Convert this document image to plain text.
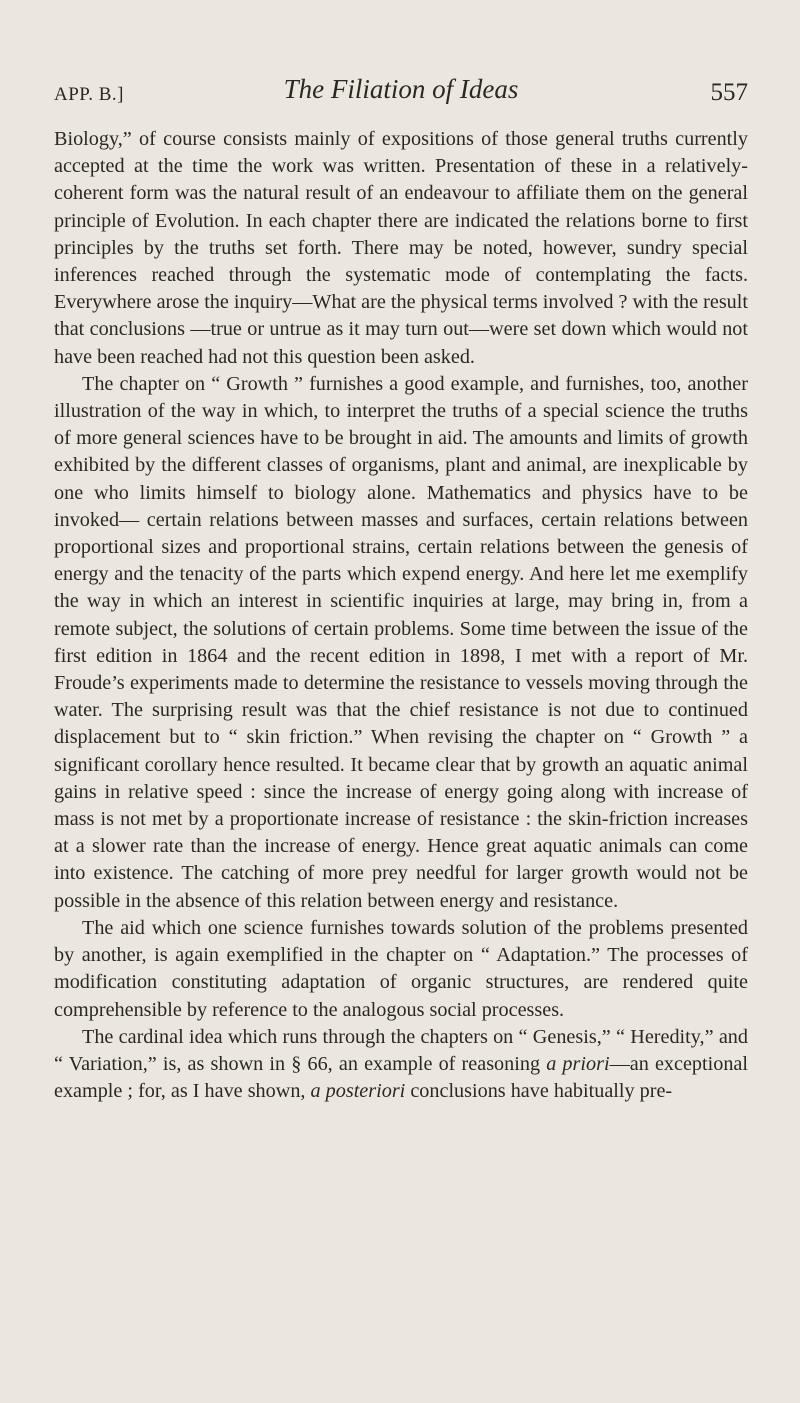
APP. B.]	The Filiation of Ideas	557

Biology,” of course consists mainly of expositions of those general truths currently accepted at the time the work was written. Presentation of these in a relatively-coherent form was the natural result of an endeavour to affiliate them on the general principle of Evolution. In each chapter there are indicated the relations borne to first principles by the truths set forth. There may be noted, however, sundry special inferences reached through the systematic mode of contemplating the facts. Everywhere arose the inquiry—What are the physical terms involved ? with the result that conclusions —true or untrue as it may turn out—were set down which would not have been reached had not this question been asked.

The chapter on “ Growth ” furnishes a good example, and furnishes, too, another illustration of the way in which, to interpret the truths of a special science the truths of more general sciences have to be brought in aid. The amounts and limits of growth exhibited by the different classes of organisms, plant and animal, are inexplicable by one who limits himself to biology alone. Mathematics and physics have to be invoked— certain relations between masses and surfaces, certain relations between proportional sizes and proportional strains, certain relations between the genesis of energy and the tenacity of the parts which expend energy. And here let me exemplify the way in which an interest in scientific inquiries at large, may bring in, from a remote subject, the solutions of certain problems. Some time between the issue of the first edition in 1864 and the recent edition in 1898, I met with a report of Mr. Froude’s experiments made to determine the resistance to vessels moving through the water. The surprising result was that the chief resistance is not due to continued displacement but to “ skin friction.” When revising the chapter on “ Growth ” a significant corollary hence resulted. It became clear that by growth an aquatic animal gains in relative speed : since the increase of energy going along with increase of mass is not met by a proportionate increase of resistance : the skin-friction increases at a slower rate than the increase of energy. Hence great aquatic animals can come into existence. The catching of more prey needful for larger growth would not be possible in the absence of this relation between energy and resistance.

The aid which one science furnishes towards solution of the problems presented by another, is again exemplified in the chapter on “ Adaptation.” The processes of modification constituting adaptation of organic structures, are rendered quite comprehensible by reference to the analogous social processes.

The cardinal idea which runs through the chapters on “ Genesis,” “ Heredity,” and “ Variation,” is, as shown in § 66, an example of reasoning a priori—an exceptional example ; for, as I have shown, a posteriori conclusions have habitually pre-
